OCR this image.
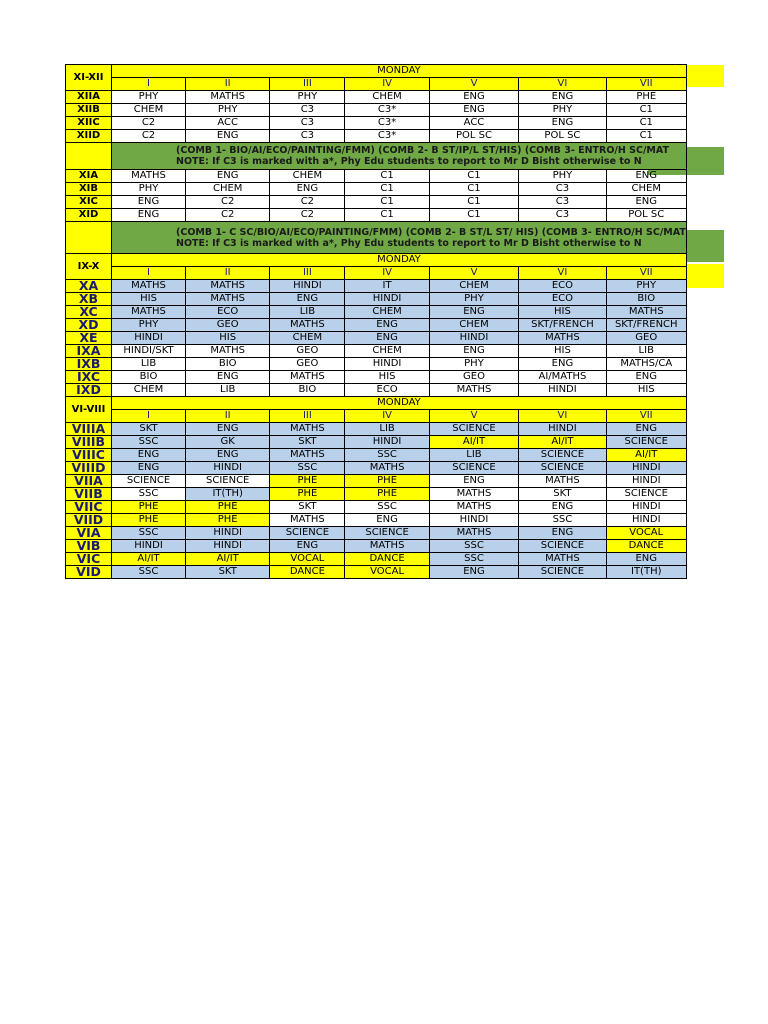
XI-XII	MONDAY						
	I	II	III	IV	V	VI	VII
XIIA	PHY	MATHS	PHY	CHEM	ENG	ENG	PHE
XIIB	CHEM	PHY	C3	C3*	ENG	PHY	C1
XIIC	C2	ACC	C3	C3*	ACC	ENG	C1
XIID	C2	ENG	C3	C3*	POL SC	POL SC	C1

	(COMB 1- BIO/AI/ECO/PAINTING/FMM) (COMB 2- B ST/IP/L ST/HIS) (COMB 3- ENTRO/H SC/MAT
NOTE: If C3 is marked with a*, Phy Edu students to report to Mr D Bisht otherwise to N						

XIA	MATHS	ENG	CHEM	C1	C1	PHY	ENG
XIB	PHY	CHEM	ENG	C1	C1	C3	CHEM
XIC	ENG	C2	C2	C1	C1	C3	ENG
XID	ENG	C2	C2	C1	C1	C3	POL SC

	(COMB 1- C SC/BIO/AI/ECO/PAINTING/FMM) (COMB 2- B ST/L ST/ HIS) (COMB 3- ENTRO/H SC/MAT
NOTE: If C3 is marked with a*, Phy Edu students to report to Mr D Bisht otherwise to N						

IX-X	MONDAY						
	I	II	III	IV	V	VI	VII
XA	MATHS	MATHS	HINDI	IT	CHEM	ECO	PHY
XB	HIS	MATHS	ENG	HINDI	PHY	ECO	BIO
XC	MATHS	ECO	LIB	CHEM	ENG	HIS	MATHS
XD	PHY	GEO	MATHS	ENG	CHEM	SKT/FRENCH	SKT/FRENCH
XE	HINDI	HIS	CHEM	ENG	HINDI	MATHS	GEO
IXA	HINDI/SKT	MATHS	GEO	CHEM	ENG	HIS	LIB
IXB	LIB	BIO	GEO	HINDI	PHY	ENG	MATHS/CA
IXC	BIO	ENG	MATHS	HIS	GEO	AI/MATHS	ENG
IXD	CHEM	LIB	BIO	ECO	MATHS	HINDI	HIS
VI-VIII	MONDAY						
	I	II	III	IV	V	VI	VII
VIIIA	SKT	ENG	MATHS	LIB	SCIENCE	HINDI	ENG
VIIIB	SSC	GK	SKT	HINDI	AI/IT	AI/IT	SCIENCE
VIIIC	ENG	ENG	MATHS	SSC	LIB	SCIENCE	AI/IT
VIIID	ENG	HINDI	SSC	MATHS	SCIENCE	SCIENCE	HINDI
VIIA	SCIENCE	SCIENCE	PHE	PHE	ENG	MATHS	HINDI
VIIB	SSC	IT(TH)	PHE	PHE	MATHS	SKT	SCIENCE
VIIC	PHE	PHE	SKT	SSC	MATHS	ENG	HINDI
VIID	PHE	PHE	MATHS	ENG	HINDI	SSC	HINDI
VIA	SSC	HINDI	SCIENCE	SCIENCE	MATHS	ENG	VOCAL
VIB	HINDI	HINDI	ENG	MATHS	SSC	SCIENCE	DANCE
VIC	AI/IT	AI/IT	VOCAL	DANCE	SSC	MATHS	ENG
VID	SSC	SKT	DANCE	VOCAL	ENG	SCIENCE	IT(TH)
